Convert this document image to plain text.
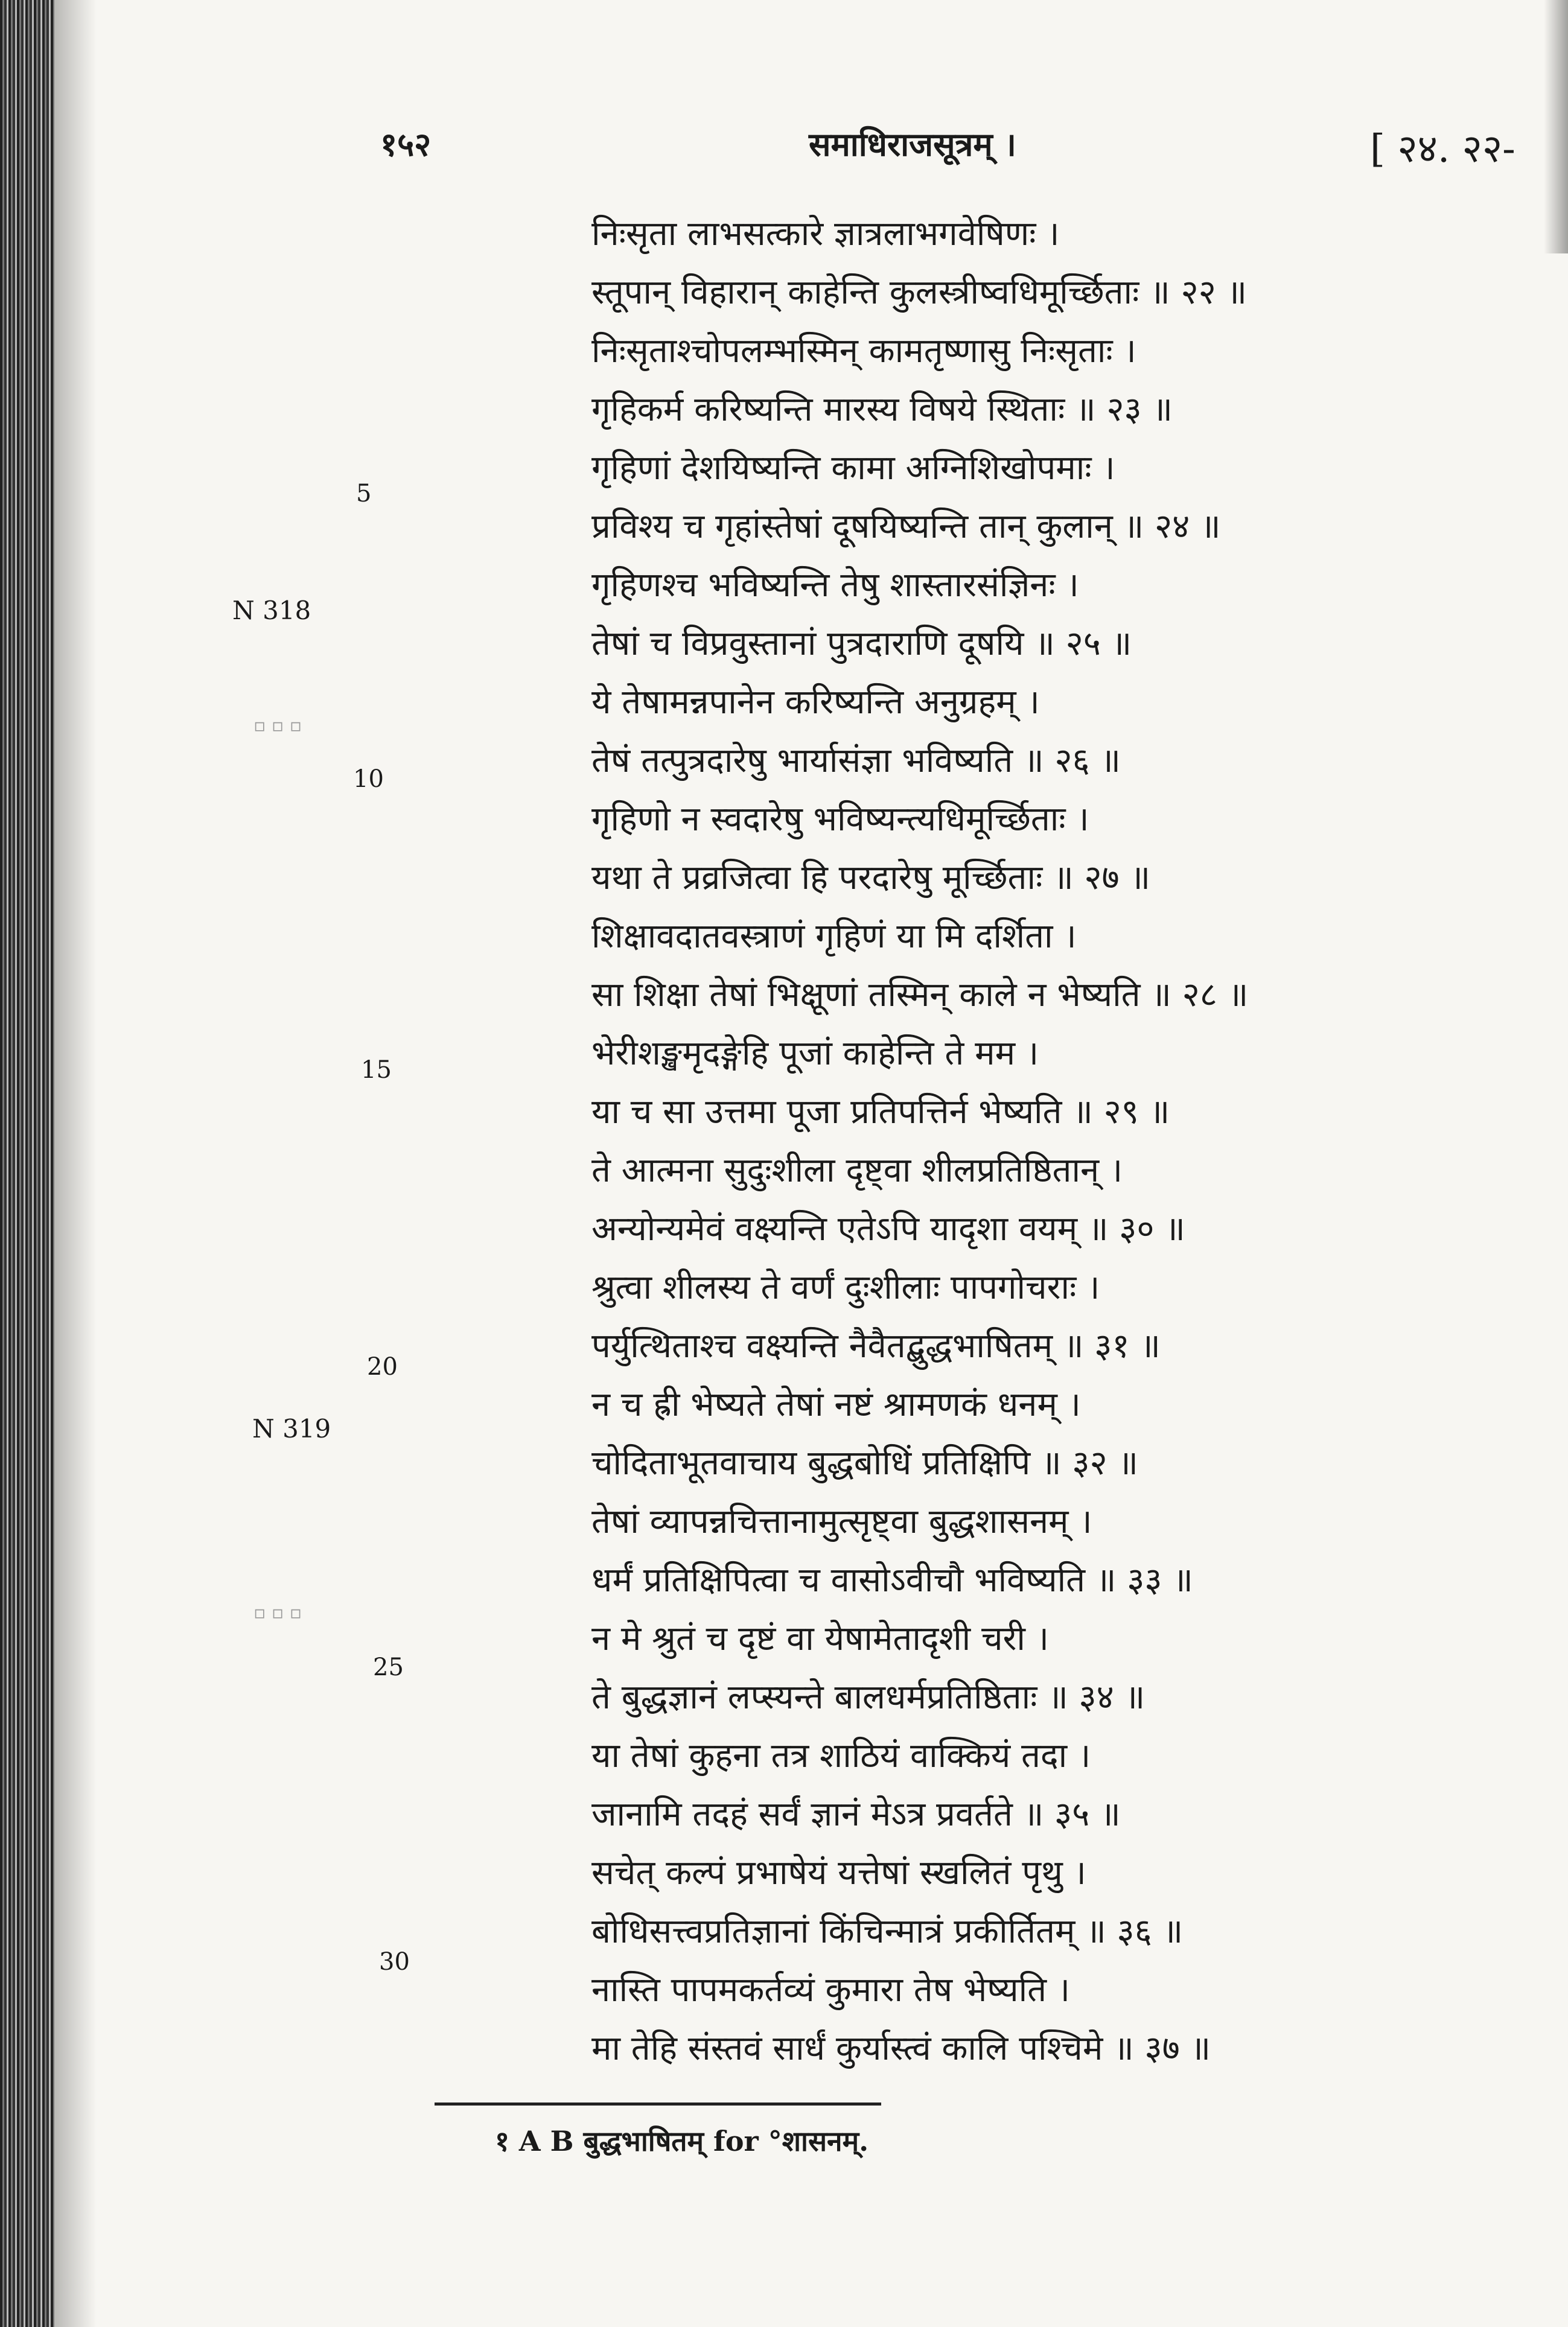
१५२	समाधिराजसूत्रम् ।	[ २४. २२-
निःसृता लाभसत्कारे ज्ञात्रलाभगवेषिणः ।
स्तूपान् विहारान् काहेन्ति कुलस्त्रीष्वधिमूर्च्छिताः ॥ २२ ॥
निःसृताश्चोपलम्भस्मिन् कामतृष्णासु निःसृताः ।
गृहिकर्म करिष्यन्ति मारस्य विषये स्थिताः ॥ २३ ॥
गृहिणां देशयिष्यन्ति कामा अग्निशिखोपमाः ।
प्रविश्य च गृहांस्तेषां दूषयिष्यन्ति तान् कुलान् ॥ २४ ॥
गृहिणश्च भविष्यन्ति तेषु शास्तारसंज्ञिनः ।
तेषां च विप्रवुस्तानां पुत्रदाराणि दूषयि ॥ २५ ॥
ये तेषामन्नपानेन करिष्यन्ति अनुग्रहम् ।
तेषं तत्पुत्रदारेषु भार्यासंज्ञा भविष्यति ॥ २६ ॥
गृहिणो न स्वदारेषु भविष्यन्त्यधिमूर्च्छिताः ।
यथा ते प्रव्रजित्वा हि परदारेषु मूर्च्छिताः ॥ २७ ॥
शिक्षावदातवस्त्राणं गृहिणं या मि दर्शिता ।
सा शिक्षा तेषां भिक्षूणां तस्मिन् काले न भेष्यति ॥ २८ ॥
भेरीशङ्खमृदङ्गेहि पूजां काहेन्ति ते मम ।
या च सा उत्तमा पूजा प्रतिपत्तिर्न भेष्यति ॥ २९ ॥
ते आत्मना सुदुःशीला दृष्ट्वा शीलप्रतिष्ठितान् ।
अन्योन्यमेवं वक्ष्यन्ति एतेऽपि यादृशा वयम् ॥ ३० ॥
श्रुत्वा शीलस्य ते वर्णं दुःशीलाः पापगोचराः ।
पर्युत्थिताश्च वक्ष्यन्ति नैवैतद्बुद्धभाषितम् ॥ ३१ ॥
न च ह्री भेष्यते तेषां नष्टं श्रामणकं धनम् ।
चोदिताभूतवाचाय बुद्धबोधिं प्रतिक्षिपि ॥ ३२ ॥
तेषां व्यापन्नचित्तानामुत्सृष्ट्वा बुद्धशासनम् ।
धर्मं प्रतिक्षिपित्वा च वासोऽवीचौ भविष्यति ॥ ३३ ॥
न मे श्रुतं च दृष्टं वा येषामेतादृशी चरी ।
ते बुद्धज्ञानं लप्स्यन्ते बालधर्मप्रतिष्ठिताः ॥ ३४ ॥
या तेषां कुहना तत्र शाठियं वाक्कियं तदा ।
जानामि तदहं सर्वं ज्ञानं मेऽत्र प्रवर्तते ॥ ३५ ॥
सचेत् कल्पं प्रभाषेयं यत्तेषां स्खलितं पृथु ।
बोधिसत्त्वप्रतिज्ञानां किंचिन्मात्रं प्रकीर्तितम् ॥ ३६ ॥
नास्ति पापमकर्तव्यं कुमारा तेष भेष्यति ।
मा तेहि संस्तवं सार्धं कुर्यास्त्वं कालि पश्चिमे ॥ ३७ ॥
5
10
15
20
25
30
N 318
N 319
▫ ▫ ▫
▫ ▫ ▫
१ A B बुद्धभाषितम् for °शासनम्.
